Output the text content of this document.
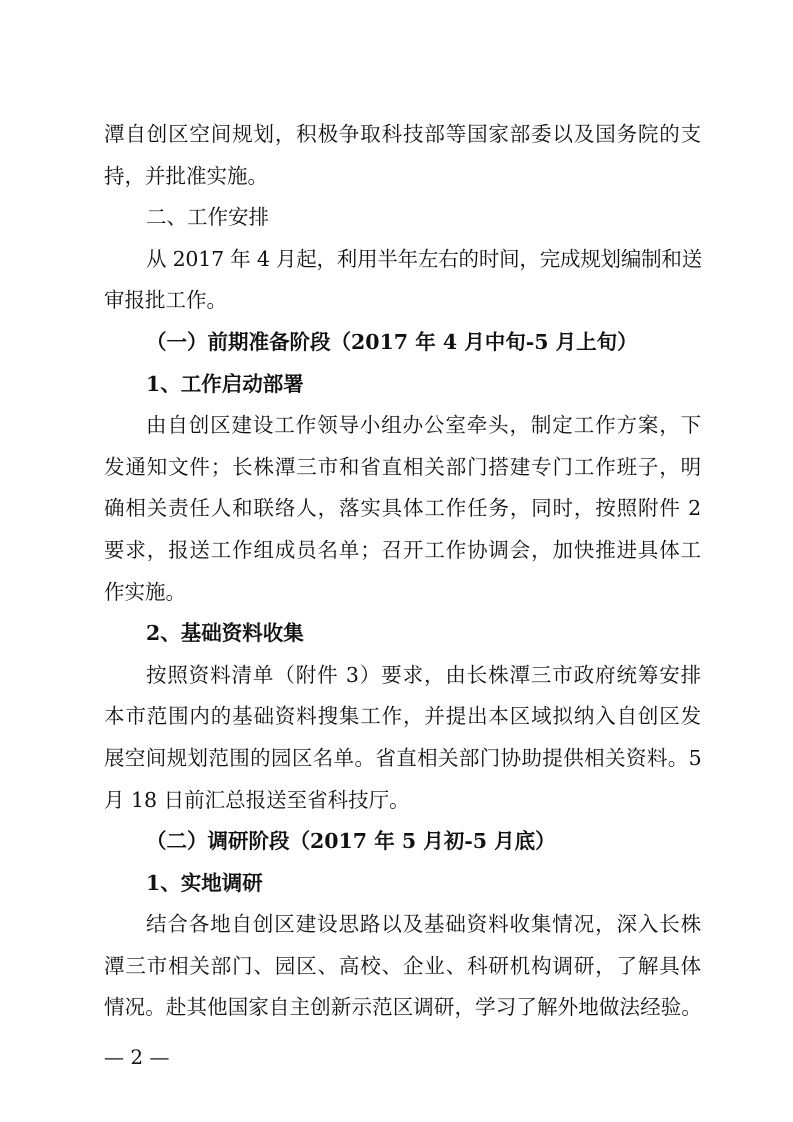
潭自创区空间规划，积极争取科技部等国家部委以及国务院的支
持，并批准实施。
二、工作安排
从 2017 年 4 月起，利用半年左右的时间，完成规划编制和送
审报批工作。
（一）前期准备阶段（2017 年 4 月中旬-5 月上旬）
1、工作启动部署
由自创区建设工作领导小组办公室牵头，制定工作方案，下
发通知文件；长株潭三市和省直相关部门搭建专门工作班子，明
确相关责任人和联络人，落实具体工作任务，同时，按照附件 2
要求，报送工作组成员名单；召开工作协调会，加快推进具体工
作实施。
2、基础资料收集
按照资料清单（附件 3）要求，由长株潭三市政府统筹安排
本市范围内的基础资料搜集工作，并提出本区域拟纳入自创区发
展空间规划范围的园区名单。省直相关部门协助提供相关资料。5
月 18 日前汇总报送至省科技厅。
（二）调研阶段（2017 年 5 月初-5 月底）
1、实地调研
结合各地自创区建设思路以及基础资料收集情况，深入长株
潭三市相关部门、园区、高校、企业、科研机构调研，了解具体
情况。赴其他国家自主创新示范区调研，学习了解外地做法经验。
— 2 —
